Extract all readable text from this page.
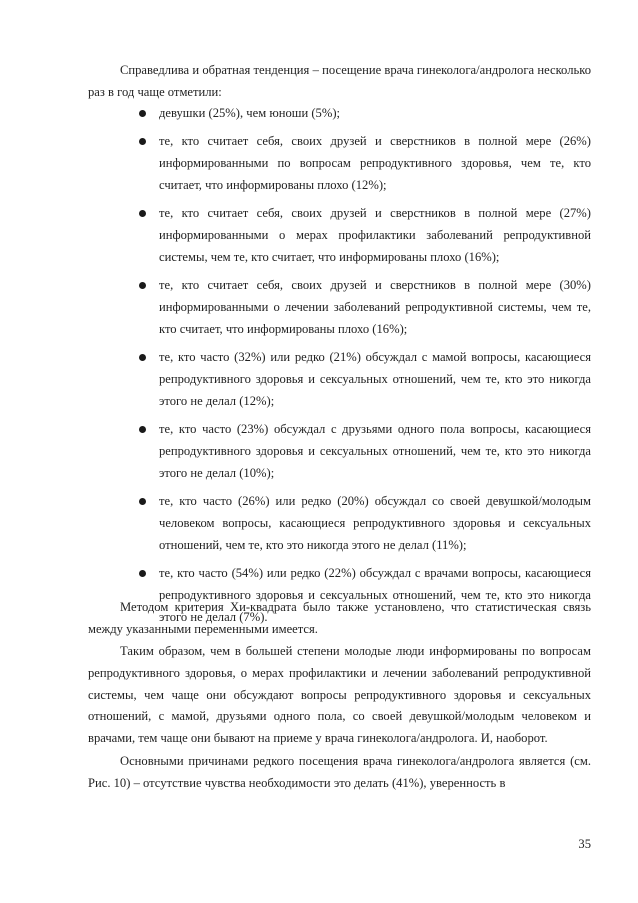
Справедлива и обратная тенденция – посещение врача гинеколога/андролога несколько раз в год чаще отметили:

девушки (25%), чем юноши (5%);
те, кто считает себя, своих друзей и сверстников в полной мере (26%) информированными по вопросам репродуктивного здоровья, чем те, кто считает, что информированы плохо (12%);
те, кто считает себя, своих друзей и сверстников в полной мере (27%) информированными о мерах профилактики заболеваний репродуктивной системы, чем те, кто считает, что информированы плохо (16%);
те, кто считает себя, своих друзей и сверстников в полной мере (30%) информированными о лечении заболеваний репродуктивной системы, чем те, кто считает, что информированы плохо (16%);
те, кто часто (32%) или редко (21%) обсуждал с мамой вопросы, касающиеся репродуктивного здоровья и сексуальных отношений, чем те, кто это никогда этого не делал (12%);
те, кто часто (23%) обсуждал с друзьями одного пола вопросы, касающиеся репродуктивного здоровья и сексуальных отношений, чем те, кто это никогда этого не делал (10%);
те, кто часто (26%) или редко (20%) обсуждал со своей девушкой/молодым человеком вопросы, касающиеся репродуктивного здоровья и сексуальных отношений, чем те, кто это никогда этого не делал (11%);
те, кто часто (54%) или редко (22%) обсуждал с врачами вопросы, касающиеся репродуктивного здоровья и сексуальных отношений, чем те, кто это никогда этого не делал (7%).

Методом критерия Хи-квадрата было также установлено, что статистическая связь между указанными переменными имеется.

Таким образом, чем в большей степени молодые люди информированы по вопросам репродуктивного здоровья, о мерах профилактики и лечении заболеваний репродуктивной системы, чем чаще они обсуждают вопросы репродуктивного здоровья и сексуальных отношений, с мамой, друзьями одного пола, со своей девушкой/молодым человеком и врачами, тем чаще они бывают на приеме у врача гинеколога/андролога. И, наоборот.

Основными причинами редкого посещения врача гинеколога/андролога является (см. Рис. 10) – отсутствие чувства необходимости это делать (41%), уверенность в

35
